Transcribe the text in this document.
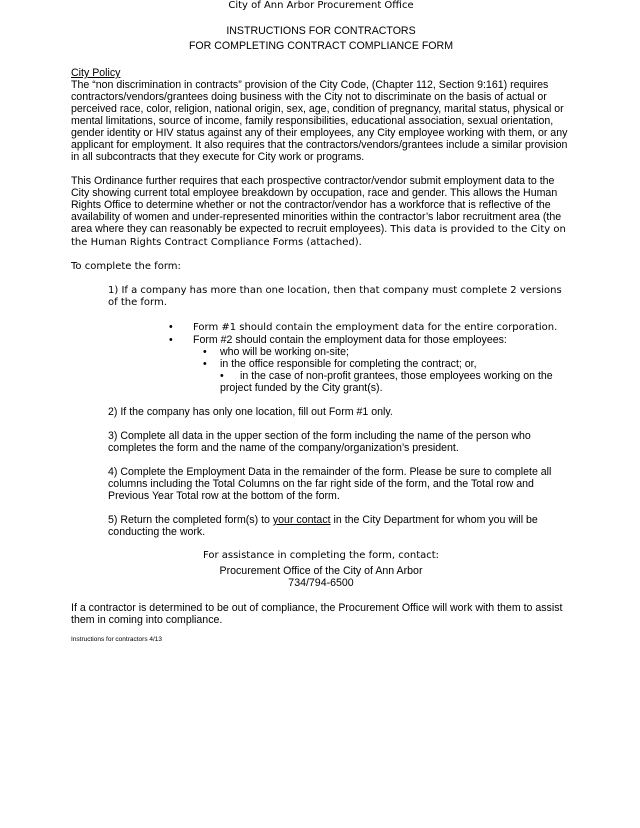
City of Ann Arbor Procurement Office
INSTRUCTIONS FOR CONTRACTORS
FOR COMPLETING CONTRACT COMPLIANCE FORM
City Policy

The “non discrimination in contracts” provision of the City Code, (Chapter 112, Section 9:161) requires contractors/vendors/grantees doing business with the City not to discriminate on the basis of actual or perceived race, color, religion, national origin, sex, age, condition of pregnancy, marital status, physical or mental limitations, source of income, family responsibilities, educational association, sexual orientation, gender identity or HIV status against any of their employees, any City employee working with them, or any applicant for employment. It also requires that the contractors/vendors/grantees include a similar provision in all subcontracts that they execute for City work or programs.

This Ordinance further requires that each prospective contractor/vendor submit employment data to the City showing current total employee breakdown by occupation, race and gender. This allows the Human Rights Office to determine whether or not the contractor/vendor has a workforce that is reflective of the availability of women and under-represented minorities within the contractor’s labor recruitment area (the area where they can reasonably be expected to recruit employees). This data is provided to the City on the Human Rights Contract Compliance Forms (attached).

To complete the form:

1) If a company has more than one location, then that company must complete 2 versions of the form.

• Form #1 should contain the employment data for the entire corporation.
• Form #2 should contain the employment data for those employees:
• who will be working on-site;
• in the office responsible for completing the contract; or,
• in the case of non-profit grantees, those employees working on the project funded by the City grant(s).

2) If the company has only one location, fill out Form #1 only.

3) Complete all data in the upper section of the form including the name of the person who completes the form and the name of the company/organization’s president.

4) Complete the Employment Data in the remainder of the form. Please be sure to complete all columns including the Total Columns on the far right side of the form, and the Total row and Previous Year Total row at the bottom of the form.

5) Return the completed form(s) to your contact in the City Department for whom you will be conducting the work.

For assistance in completing the form, contact:
Procurement Office of the City of Ann Arbor
734/794-6500

If a contractor is determined to be out of compliance, the Procurement Office will work with them to assist them in coming into compliance.

Instructions for contractors 4/13
